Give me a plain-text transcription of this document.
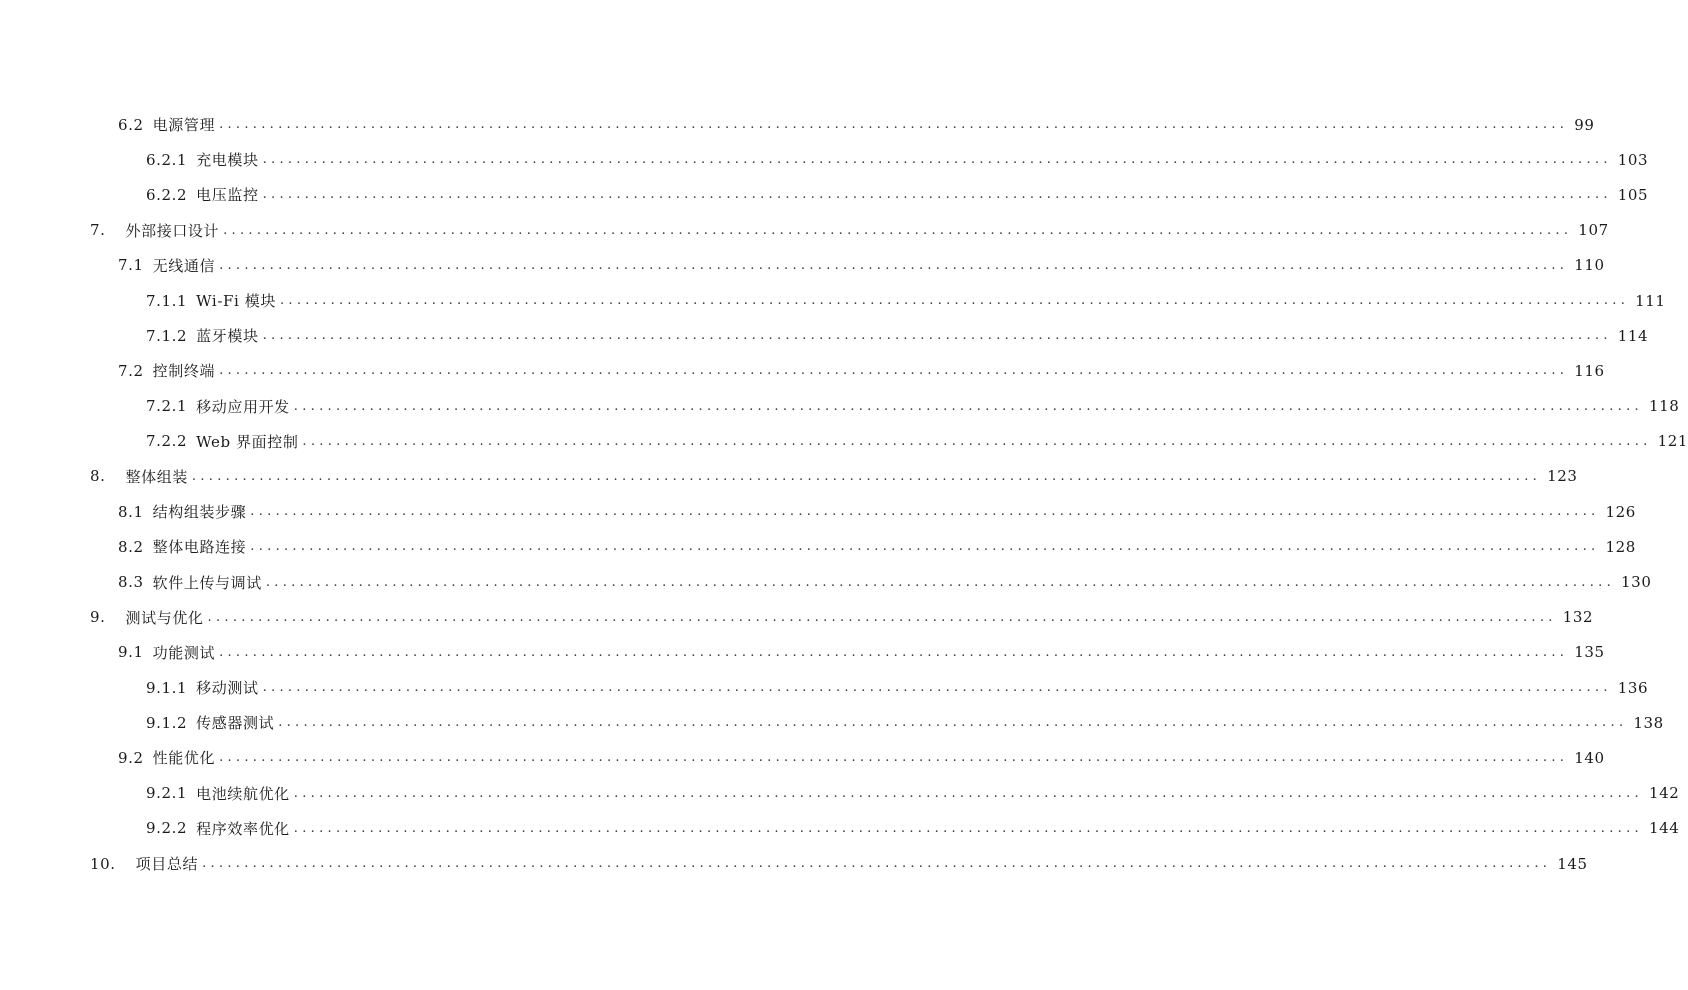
6.2 电源管理 ................................................................................................................................................................ 99
6.2.1 充电模块 ................................................................................................................................................................ 103
6.2.2 电压监控 ................................................................................................................................................................ 105
7. 外部接口设计 ................................................................................................................................................................ 107
7.1 无线通信 ................................................................................................................................................................ 110
7.1.1 Wi-Fi 模块 ................................................................................................................................................................ 111
7.1.2 蓝牙模块 ................................................................................................................................................................ 114
7.2 控制终端 ................................................................................................................................................................ 116
7.2.1 移动应用开发 ................................................................................................................................................................ 118
7.2.2 Web 界面控制 ................................................................................................................................................................ 121
8. 整体组装 ................................................................................................................................................................ 123
8.1 结构组装步骤 ................................................................................................................................................................ 126
8.2 整体电路连接 ................................................................................................................................................................ 128
8.3 软件上传与调试 ................................................................................................................................................................ 130
9. 测试与优化 ................................................................................................................................................................ 132
9.1 功能测试 ................................................................................................................................................................ 135
9.1.1 移动测试 ................................................................................................................................................................ 136
9.1.2 传感器测试 ................................................................................................................................................................ 138
9.2 性能优化 ................................................................................................................................................................ 140
9.2.1 电池续航优化 ................................................................................................................................................................ 142
9.2.2 程序效率优化 ................................................................................................................................................................ 144
10. 项目总结 ................................................................................................................................................................ 145
